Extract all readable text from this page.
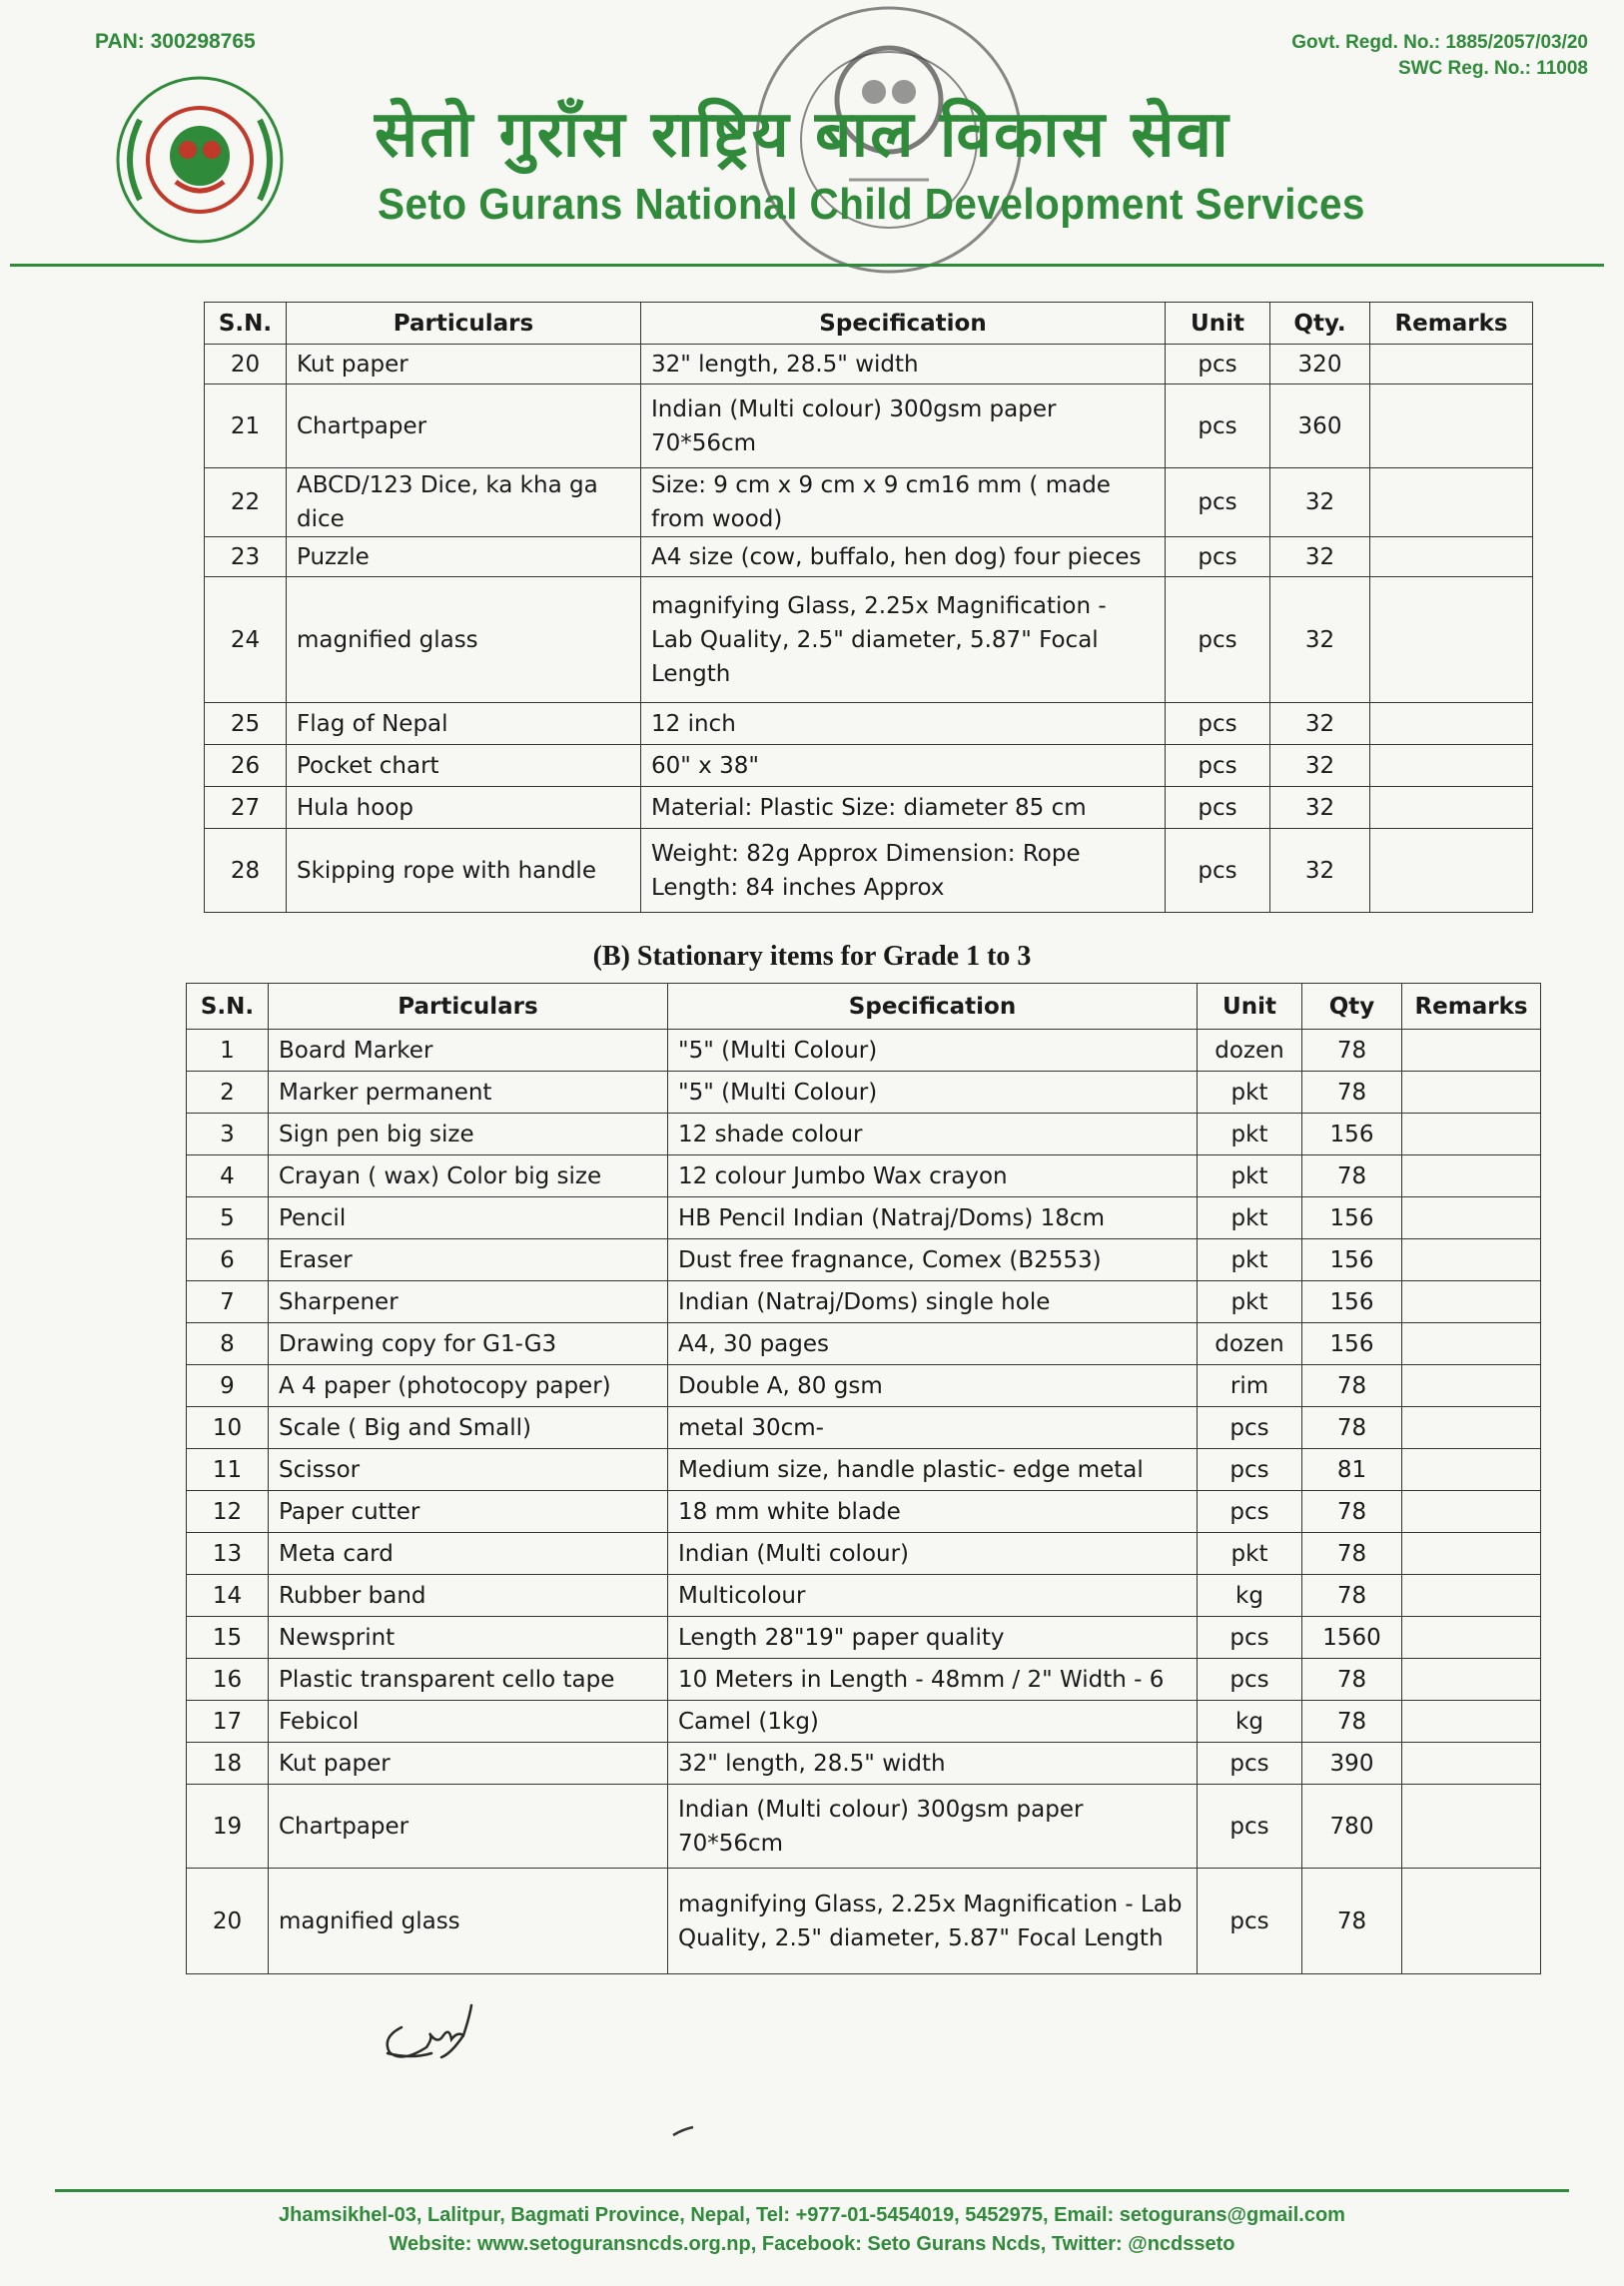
PAN: 300298765	Govt. Regd. No.: 1885/2057/03/20
SWC Reg. No.: 11008
सेतो गुराँस राष्ट्रिय बाल विकास सेवा
Seto Gurans National Child Development Services
S.N.	Particulars	Specification	Unit	Qty.	Remarks
20	Kut paper	32" length, 28.5" width	pcs	320	
21	Chartpaper	Indian (Multi colour) 300gsm paper 70*56cm	pcs	360	
22	ABCD/123 Dice, ka kha ga dice	Size: 9 cm x 9 cm x 9 cm16 mm ( made from wood)	pcs	32	
23	Puzzle	A4 size (cow, buffalo, hen dog) four pieces	pcs	32	
24	magnified glass	magnifying Glass, 2.25x Magnification - Lab Quality, 2.5" diameter, 5.87" Focal Length	pcs	32	
25	Flag of Nepal	12 inch	pcs	32	
26	Pocket chart	60" x 38"	pcs	32	
27	Hula hoop	Material: Plastic Size: diameter 85 cm	pcs	32	
28	Skipping rope with handle	Weight: 82g Approx Dimension: Rope Length: 84 inches Approx	pcs	32	
(B) Stationary items for Grade 1 to 3
S.N.	Particulars	Specification	Unit	Qty	Remarks
1	Board Marker	"5" (Multi Colour)	dozen	78	
2	Marker permanent	"5" (Multi Colour)	pkt	78	
3	Sign pen big size	12 shade colour	pkt	156	
4	Crayan ( wax) Color big size	12 colour Jumbo Wax crayon	pkt	78	
5	Pencil	HB Pencil Indian (Natraj/Doms) 18cm	pkt	156	
6	Eraser	Dust free fragnance, Comex (B2553)	pkt	156	
7	Sharpener	Indian (Natraj/Doms) single hole	pkt	156	
8	Drawing copy for G1-G3	A4, 30 pages	dozen	156	
9	A 4 paper (photocopy paper)	Double A, 80 gsm	rim	78	
10	Scale ( Big and Small)	metal 30cm-	pcs	78	
11	Scissor	Medium size, handle plastic- edge metal	pcs	81	
12	Paper cutter	18 mm white blade	pcs	78	
13	Meta card	Indian (Multi colour)	pkt	78	
14	Rubber band	Multicolour	kg	78	
15	Newsprint	Length 28"19" paper quality	pcs	1560	
16	Plastic transparent cello tape	10 Meters in Length - 48mm / 2" Width - 6	pcs	78	
17	Febicol	Camel (1kg)	kg	78	
18	Kut paper	32" length, 28.5" width	pcs	390	
19	Chartpaper	Indian (Multi colour) 300gsm paper 70*56cm	pcs	780	
20	magnified glass	magnifying Glass, 2.25x Magnification - Lab Quality, 2.5" diameter, 5.87" Focal Length	pcs	78	
Jhamsikhel-03, Lalitpur, Bagmati Province, Nepal, Tel: +977-01-5454019, 5452975, Email: setogurans@gmail.com
Website: www.setoguransncds.org.np, Facebook: Seto Gurans Ncds, Twitter: @ncdsseto
